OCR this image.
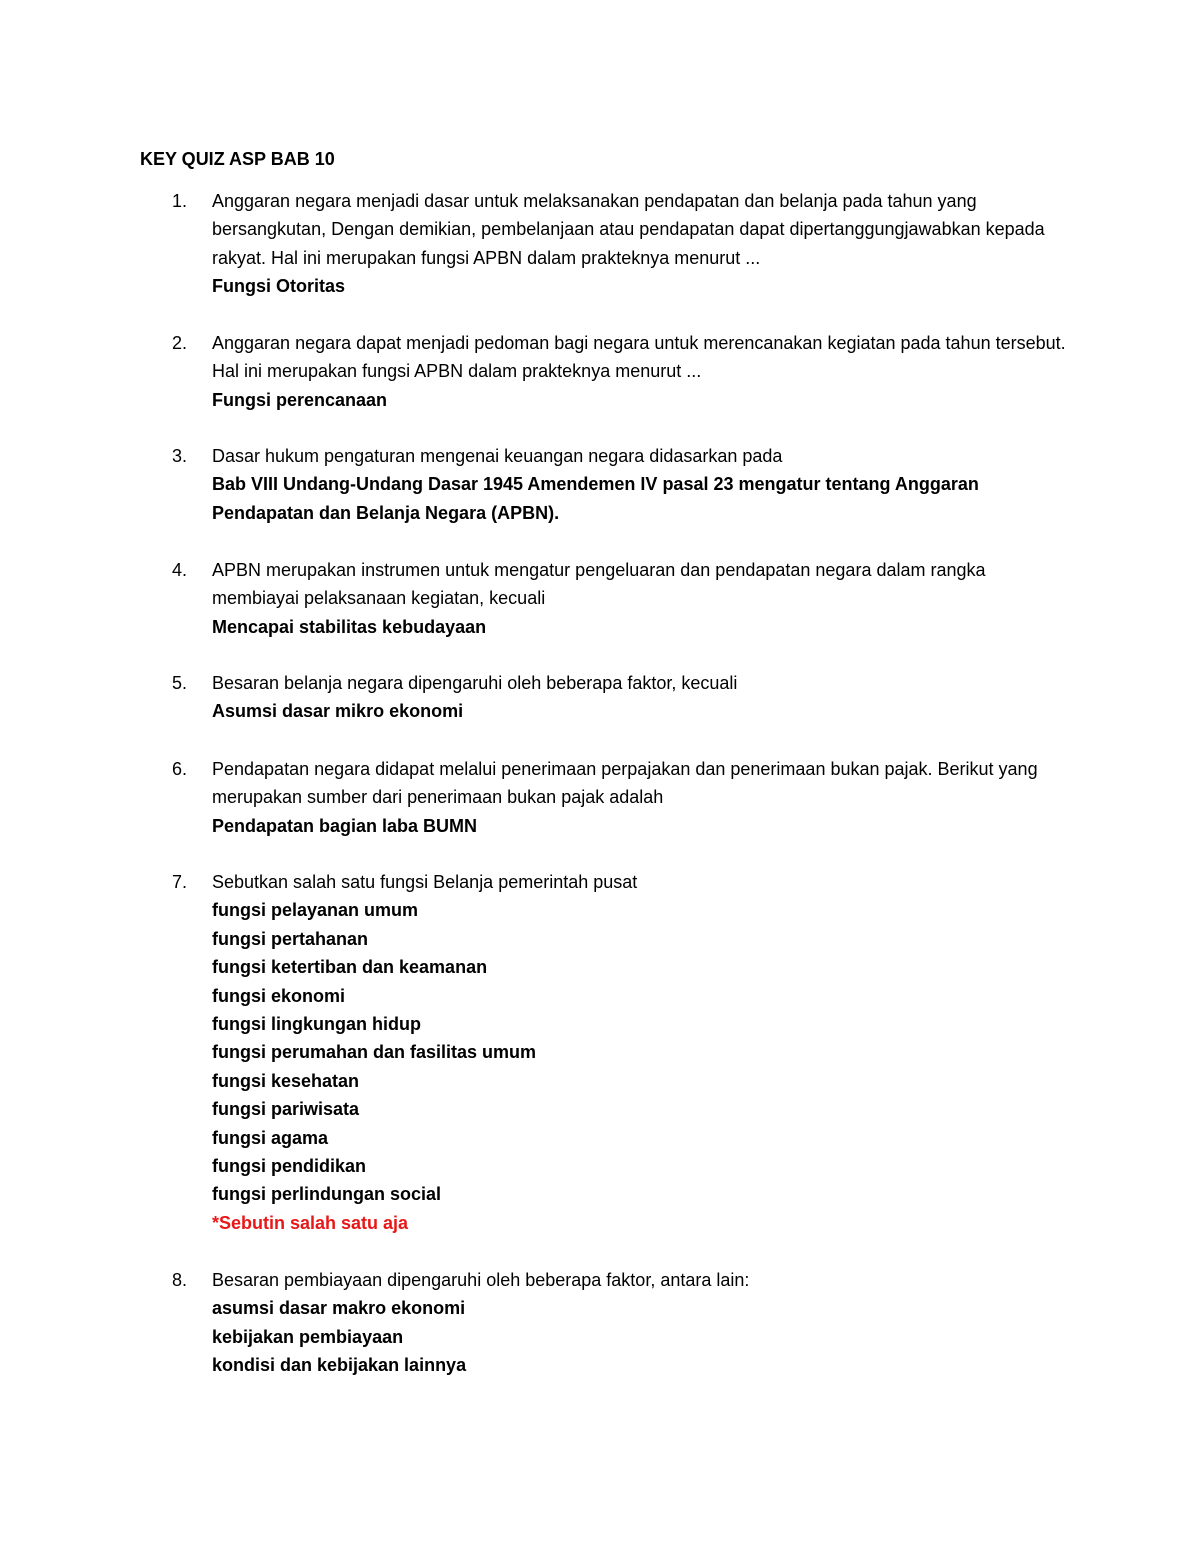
KEY QUIZ ASP BAB 10
1. Anggaran negara menjadi dasar untuk melaksanakan pendapatan dan belanja pada tahun yang bersangkutan, Dengan demikian, pembelanjaan atau pendapatan dapat dipertanggungjawabkan kepada rakyat. Hal ini merupakan fungsi APBN dalam prakteknya menurut ...
Fungsi Otoritas
2. Anggaran negara dapat menjadi pedoman bagi negara untuk merencanakan kegiatan pada tahun tersebut. Hal ini merupakan fungsi APBN dalam prakteknya menurut ...
Fungsi perencanaan
3. Dasar hukum pengaturan mengenai keuangan negara didasarkan pada
Bab VIII Undang-Undang Dasar 1945 Amendemen IV pasal 23 mengatur tentang Anggaran Pendapatan dan Belanja Negara (APBN).
4. APBN merupakan instrumen untuk mengatur pengeluaran dan pendapatan negara dalam rangka membiayai pelaksanaan kegiatan, kecuali
Mencapai stabilitas kebudayaan
5. Besaran belanja negara dipengaruhi oleh beberapa faktor, kecuali
Asumsi dasar mikro ekonomi
6. Pendapatan negara didapat melalui penerimaan perpajakan dan penerimaan bukan pajak. Berikut yang merupakan sumber dari penerimaan bukan pajak adalah
Pendapatan bagian laba BUMN
7. Sebutkan salah satu fungsi Belanja pemerintah pusat
fungsi pelayanan umum
fungsi pertahanan
fungsi ketertiban dan keamanan
fungsi ekonomi
fungsi lingkungan hidup
fungsi perumahan dan fasilitas umum
fungsi kesehatan
fungsi pariwisata
fungsi agama
fungsi pendidikan
fungsi perlindungan social
*Sebutin salah satu aja
8. Besaran pembiayaan dipengaruhi oleh beberapa faktor, antara lain:
asumsi dasar makro ekonomi
kebijakan pembiayaan
kondisi dan kebijakan lainnya
